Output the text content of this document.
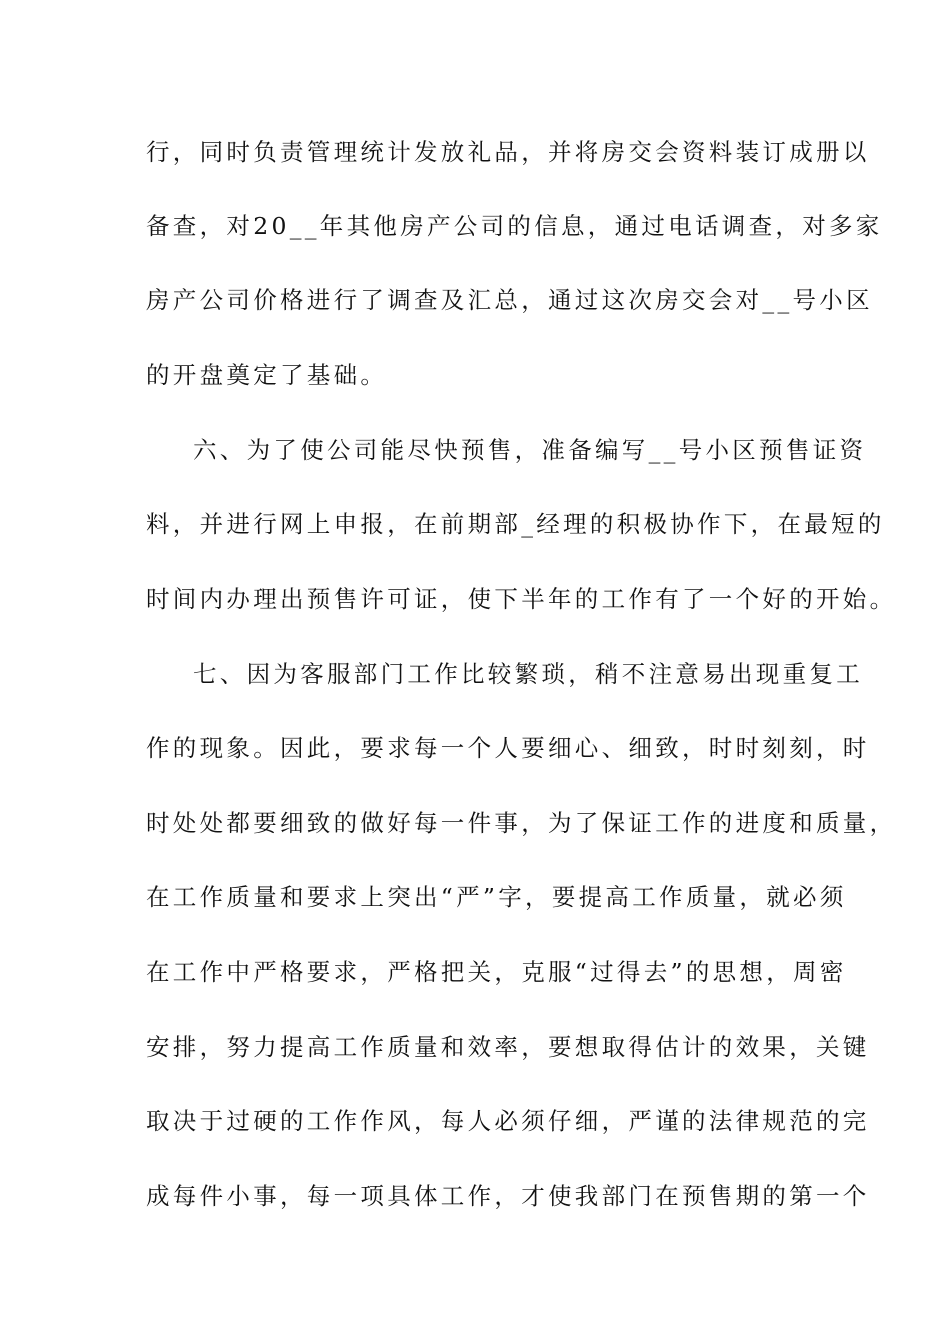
行，同时负责管理统计发放礼品，并将房交会资料装订成册以
备查，对20__年其他房产公司的信息，通过电话调查，对多家
房产公司价格进行了调查及汇总，通过这次房交会对__号小区
的开盘奠定了基础。
六、为了使公司能尽快预售，准备编写__号小区预售证资
料，并进行网上申报，在前期部_经理的积极协作下，在最短的
时间内办理出预售许可证，使下半年的工作有了一个好的开始。
七、因为客服部门工作比较繁琐，稍不注意易出现重复工
作的现象。因此，要求每一个人要细心、细致，时时刻刻，时
时处处都要细致的做好每一件事，为了保证工作的进度和质量，
在工作质量和要求上突出“严”字，要提高工作质量，就必须
在工作中严格要求，严格把关，克服“过得去”的思想，周密
安排，努力提高工作质量和效率，要想取得估计的效果，关键
取决于过硬的工作作风，每人必须仔细，严谨的法律规范的完
成每件小事，每一项具体工作，才使我部门在预售期的第一个
